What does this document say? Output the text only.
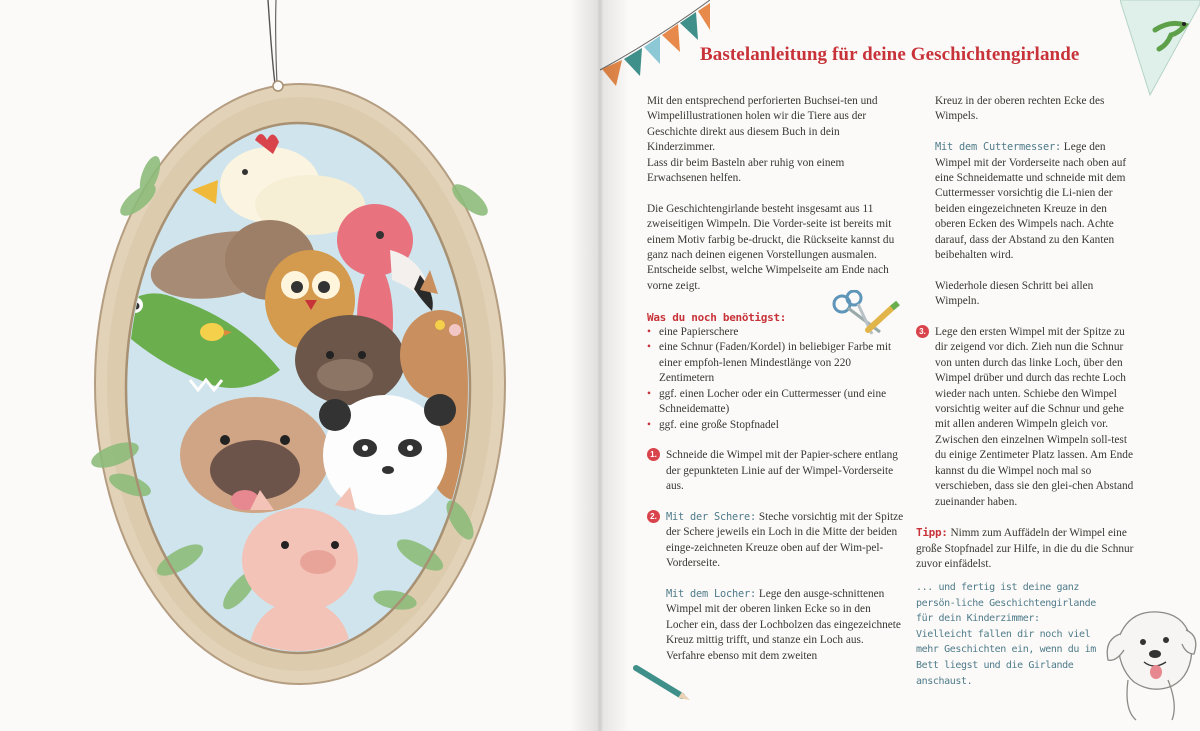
Bastelanleitung für deine Geschichtengirlande

Mit den entsprechend perforierten Buchsei-ten und Wimpelillustrationen holen wir die Tiere aus der Geschichte direkt aus diesem Buch in dein Kinderzimmer.
Lass dir beim Basteln aber ruhig von einem Erwachsenen helfen.

Die Geschichtengirlande besteht insgesamt aus 11 zweiseitigen Wimpeln. Die Vorder-seite ist bereits mit einem Motiv farbig be-druckt, die Rückseite kannst du ganz nach deinen eigenen Vorstellungen ausmalen. Entscheide selbst, welche Wimpelseite am Ende nach vorne zeigt.

Was du noch benötigst:
• eine Papierschere
• eine Schnur (Faden/Kordel) in beliebiger Farbe mit einer empfoh-lenen Mindestlänge von 220 Zentimetern
• ggf. einen Locher oder ein Cuttermesser (und eine Schneidematte)
• ggf. eine große Stopfnadel
1. Schneide die Wimpel mit der Papier-schere entlang der gepunkteten Linie auf der Wimpel-Vorderseite aus.
2. Mit der Schere: Steche vorsichtig mit der Spitze der Schere jeweils ein Loch in die Mitte der beiden einge-zeichneten Kreuze oben auf der Wim-pel-Vorderseite.
Mit dem Locher: Lege den ausge-schnittenen Wimpel mit der oberen linken Ecke so in den Locher ein, dass der Lochbolzen das eingezeichnete Kreuz mittig trifft, und stanze ein Loch aus. Verfahre ebenso mit dem zweiten
Kreuz in der oberen rechten Ecke des Wimpels.
Mit dem Cuttermesser: Lege den Wimpel mit der Vorderseite nach oben auf eine Schneidematte und schneide mit dem Cuttermesser vorsichtig die Li-nien der beiden eingezeichneten Kreuze in den oberen Ecken des Wimpels nach. Achte darauf, dass der Abstand zu den Kanten beibehalten wird.
Wiederhole diesen Schritt bei allen Wimpeln.
3. Lege den ersten Wimpel mit der Spitze zu dir zeigend vor dich. Zieh nun die Schnur von unten durch das linke Loch, über den Wimpel drüber und durch das rechte Loch wieder nach unten. Schiebe den Wimpel vorsichtig weiter auf die Schnur und gehe mit allen anderen Wimpeln gleich vor. Zwischen den einzelnen Wimpeln soll-test du einige Zentimeter Platz lassen. Am Ende kannst du die Wimpel noch mal so verschieben, dass sie den glei-chen Abstand zueinander haben.

Tipp: Nimm zum Auffädeln der Wimpel eine große Stopfnadel zur Hilfe, in die du die Schnur zuvor einfädelst.

... und fertig ist deine ganz persön-liche Geschichtengirlande für dein Kinderzimmer: Vielleicht fallen dir noch viel mehr Geschichten ein, wenn du im Bett liegst und die Girlande anschaust.
